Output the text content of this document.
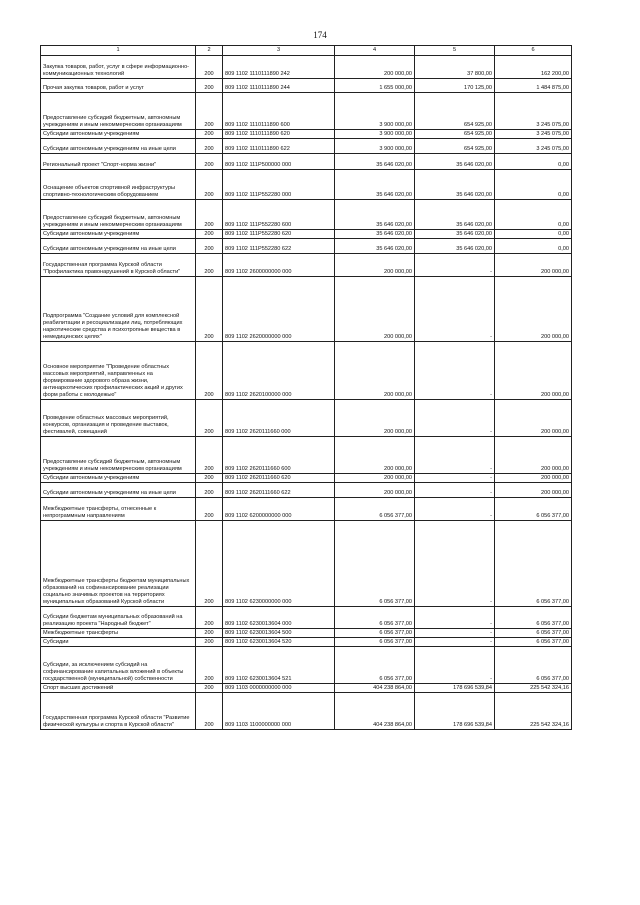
174
1	2	3	4	5	6
Закупка товаров, работ, услуг в сфере информационно-коммуникационных технологий	200	809 1102 1110111890 242	200 000,00	37 800,00	162 200,00
Прочая закупка товаров, работ и услуг	200	809 1102 1110111890 244	1 655 000,00	170 125,00	1 484 875,00
Предоставление субсидий бюджетным, автономным учреждениям и иным некоммерческим организациям	200	809 1102 1110111890 600	3 900 000,00	654 925,00	3 245 075,00
Субсидии автономным учреждениям	200	809 1102 1110111890 620	3 900 000,00	654 925,00	3 245 075,00
Субсидии автономным учреждениям на иные цели	200	809 1102 1110111890 622	3 900 000,00	654 925,00	3 245 075,00
Региональный проект "Спорт-норма жизни"	200	809 1102 111P500000 000	35 646 020,00	35 646 020,00	0,00
Оснащение объектов спортивной инфраструктуры спортивно-технологическим оборудованием	200	809 1102 111P552280 000	35 646 020,00	35 646 020,00	0,00
Предоставление субсидий бюджетным, автономным учреждениям и иным некоммерческим организациям	200	809 1102 111P552280 600	35 646 020,00	35 646 020,00	0,00
Субсидии автономным учреждениям	200	809 1102 111P552280 620	35 646 020,00	35 646 020,00	0,00
Субсидии автономным учреждениям на иные цели	200	809 1102 111P552280 622	35 646 020,00	35 646 020,00	0,00
Государственная программа Курской области "Профилактика правонарушений в Курской области"	200	809 1102 2600000000 000	200 000,00	-	200 000,00
Подпрограмма "Создание условий для комплексной реабилитации и ресоциализации лиц, потребляющих наркотические средства и психотропные вещества в немедицинских целях"	200	809 1102 2620000000 000	200 000,00	-	200 000,00
Основное мероприятие "Проведение областных массовых мероприятий, направленных на формирование здорового образа жизни, антинаркотических профилактических акций и других форм работы с молодежью"	200	809 1102 2620100000 000	200 000,00	-	200 000,00
Проведение областных массовых мероприятий, конкурсов, организация и проведение выставок, фестивалей, совещаний	200	809 1102 2620111660 000	200 000,00	-	200 000,00
Предоставление субсидий бюджетным, автономным учреждениям и иным некоммерческим организациям	200	809 1102 2620111660 600	200 000,00	-	200 000,00
Субсидии автономным учреждениям	200	809 1102 2620111660 620	200 000,00	-	200 000,00
Субсидии автономным учреждениям на иные цели	200	809 1102 2620111660 622	200 000,00	-	200 000,00
Межбюджетные трансферты, отнесенные к непрограммным направлениям	200	809 1102 6200000000 000	6 056 377,00	-	6 056 377,00
Межбюджетные трансферты бюджетам муниципальных образований на софинансирование реализации социально значимых проектов на территориях муниципальных образований Курской области	200	809 1102 6230000000 000	6 056 377,00	-	6 056 377,00
Субсидии бюджетам муниципальных образований на реализацию проекта "Народный бюджет"	200	809 1102 6230013604 000	6 056 377,00	-	6 056 377,00
Межбюджетные трансферты	200	809 1102 6230013604 500	6 056 377,00	-	6 056 377,00
Субсидии	200	809 1102 6230013604 520	6 056 377,00	-	6 056 377,00
Субсидии, за исключением субсидий на софинансирование капитальных вложений в объекты государственной (муниципальной) собственности	200	809 1102 6230013604 521	6 056 377,00	-	6 056 377,00
Спорт высших достижений	200	809 1103 0000000000 000	404 238 864,00	178 696 539,84	225 542 324,16
Государственная программа Курской области "Развитие физической культуры и спорта в Курской области"	200	809 1103 1100000000 000	404 238 864,00	178 696 539,84	225 542 324,16
